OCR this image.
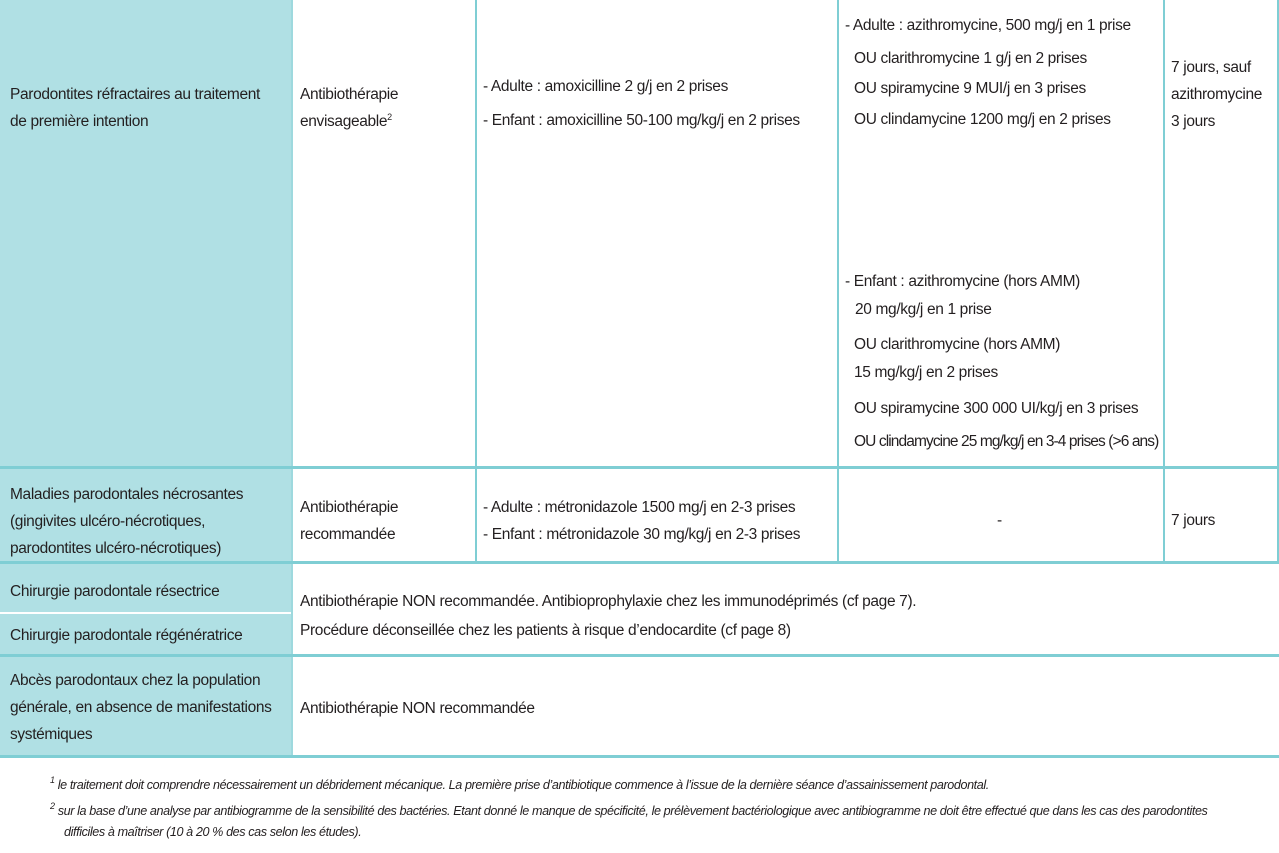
Parodontites réfractaires au traitement
de première intention
Antibiothérapie
envisageable$^2$
- Adulte : amoxicilline 2 g/j en 2 prises
- Enfant : amoxicilline 50-100 mg/kg/j en 2 prises
- Adulte : azithromycine, 500 mg/j en 1 prise
OU clarithromycine 1 g/j en 2 prises
OU spiramycine 9 MUI/j en 3 prises
OU clindamycine 1200 mg/j en 2 prises
- Enfant : azithromycine (hors AMM)
20 mg/kg/j en 1 prise
OU clarithromycine (hors AMM)
15 mg/kg/j en 2 prises
OU spiramycine 300 000 UI/kg/j en 3 prises
OU clindamycine 25 mg/kg/j en 3-4 prises (>6 ans)
7 jours, sauf
azithromycine
3 jours
Maladies parodontales nécrosantes
(gingivites ulcéro-nécrotiques,
parodontites ulcéro-nécrotiques)
Antibiothérapie
recommandée
- Adulte : métronidazole 1500 mg/j en 2-3 prises
- Enfant : métronidazole 30 mg/kg/j en 2-3 prises
-	7 jours
Chirurgie parodontale résectrice
Chirurgie parodontale régénératrice
Antibiothérapie NON recommandée. Antibioprophylaxie chez les immunodéprimés (cf page 7).
Procédure déconseillée chez les patients à risque d’endocardite (cf page 8)
Abcès parodontaux chez la population
générale, en absence de manifestations
systémiques
Antibiothérapie NON recommandée
$^1$ le traitement doit comprendre nécessairement un débridement mécanique. La première prise d’antibiotique commence à l’issue de la dernière séance d’assainissement parodontal.
$^2$ sur la base d’une analyse par antibiogramme de la sensibilité des bactéries. Etant donné le manque de spécificité, le prélèvement bactériologique avec antibiogramme ne doit être effectué que dans les cas des parodontites
difficiles à maîtriser (10 à 20 % des cas selon les études).
